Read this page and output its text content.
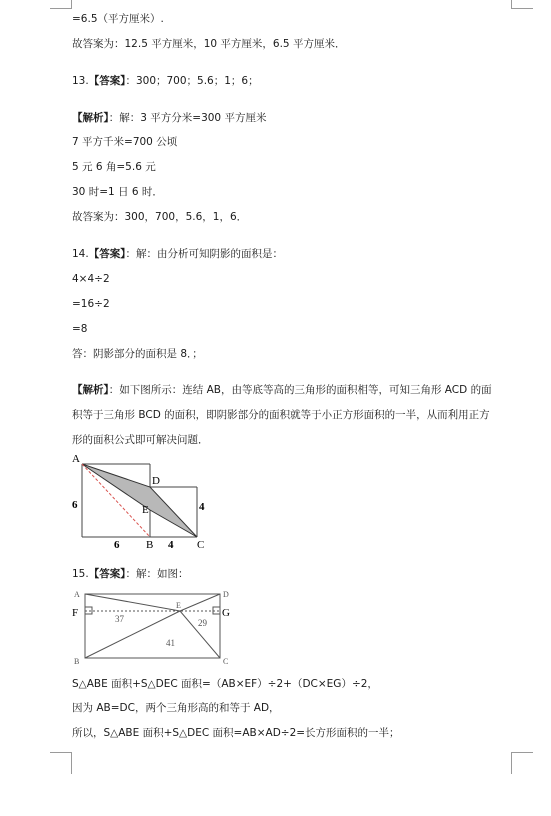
=6.5（平方厘米）.
故答案为：12.5 平方厘米，10 平方厘米，6.5 平方厘米．
13.【答案】：300；700；5.6；1；6；
【解析】：解：3 平方分米=300 平方厘米
7 平方千米=700 公顷
5 元 6 角=5.6 元
30 时=1 日 6 时．
故答案为：300，700，5.6，1，6．
14.【答案】：解：由分析可知阴影的面积是：
4×4÷2
=16÷2
=8
答：阴影部分的面积是 8．；
【解析】：如下图所示：连结 AB，由等底等高的三角形的面积相等，可知三角形 ACD 的面
积等于三角形 BCD 的面积，即阴影部分的面积就等于小正方形面积的一半，从而利用正方
形的面积公式即可解决问题．
A
D
E
B	C
6
6	4
4
15.【答案】：解：如图：
A
F
B
D
G
C
E
37	29
41
S△ABE 面积+S△DEC 面积=（AB×EF）÷2+（DC×EG）÷2，
因为 AB=DC，两个三角形高的和等于 AD，
所以，S△ABE 面积+S△DEC 面积=AB×AD÷2=长方形面积的一半；
